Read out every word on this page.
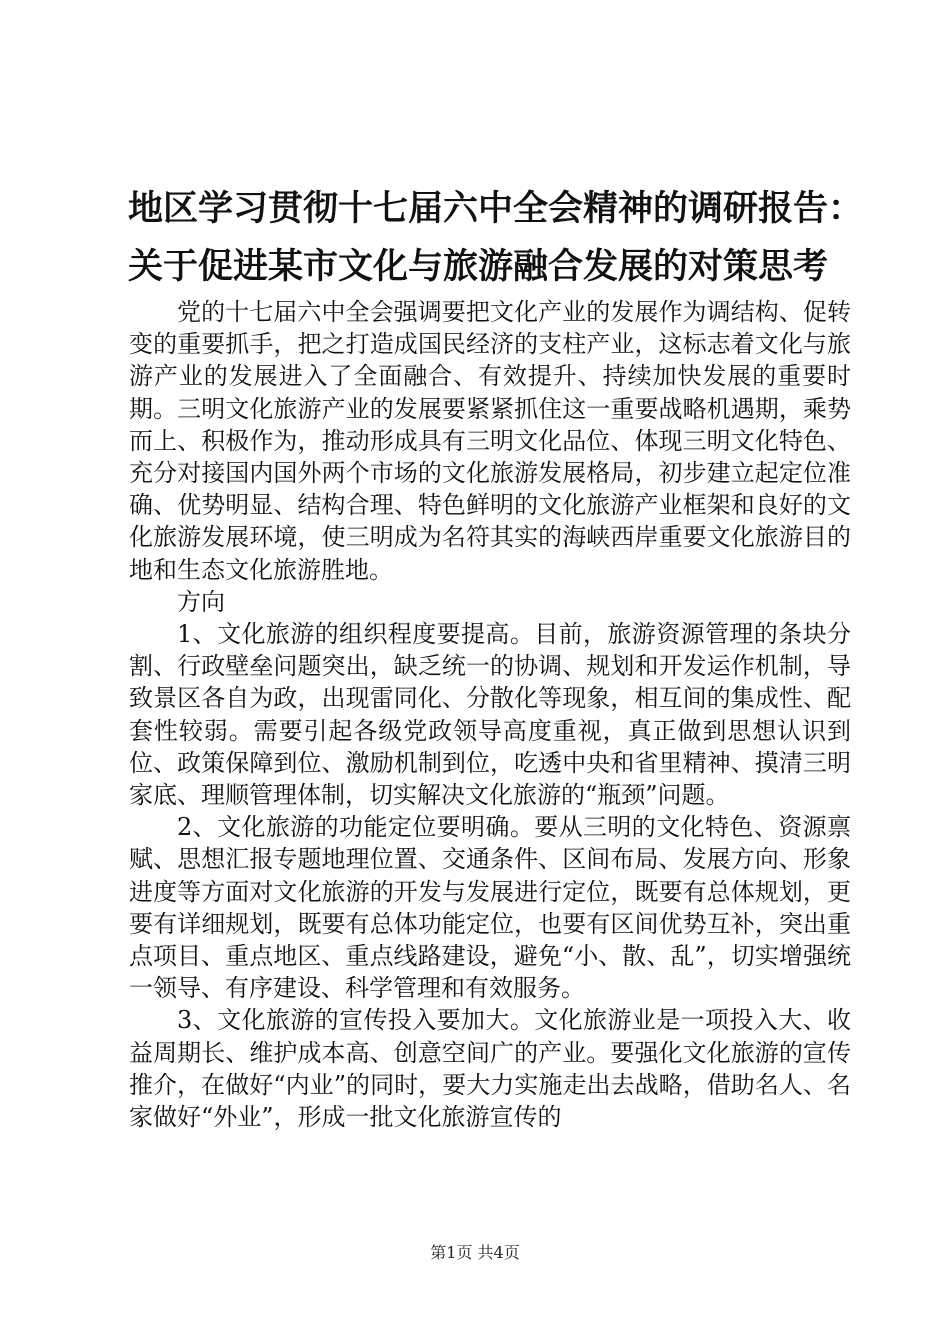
地区学习贯彻十七届六中全会精神的调研报告：
关于促进某市文化与旅游融合发展的对策思考

党的十七届六中全会强调要把文化产业的发展作为调结构、促转变的重要抓手，把之打造成国民经济的支柱产业，这标志着文化与旅游产业的发展进入了全面融合、有效提升、持续加快发展的重要时期。三明文化旅游产业的发展要紧紧抓住这一重要战略机遇期，乘势而上、积极作为，推动形成具有三明文化品位、体现三明文化特色、充分对接国内国外两个市场的文化旅游发展格局，初步建立起定位准确、优势明显、结构合理、特色鲜明的文化旅游产业框架和良好的文化旅游发展环境，使三明成为名符其实的海峡西岸重要文化旅游目的地和生态文化旅游胜地。

方向

1、文化旅游的组织程度要提高。目前，旅游资源管理的条块分割、行政壁垒问题突出，缺乏统一的协调、规划和开发运作机制，导致景区各自为政，出现雷同化、分散化等现象，相互间的集成性、配套性较弱。需要引起各级党政领导高度重视，真正做到思想认识到位、政策保障到位、激励机制到位，吃透中央和省里精神、摸清三明家底、理顺管理体制，切实解决文化旅游的“瓶颈”问题。

2、文化旅游的功能定位要明确。要从三明的文化特色、资源禀赋、思想汇报专题地理位置、交通条件、区间布局、发展方向、形象进度等方面对文化旅游的开发与发展进行定位，既要有总体规划，更要有详细规划，既要有总体功能定位，也要有区间优势互补，突出重点项目、重点地区、重点线路建设，避免“小、散、乱”，切实增强统一领导、有序建设、科学管理和有效服务。

3、文化旅游的宣传投入要加大。文化旅游业是一项投入大、收益周期长、维护成本高、创意空间广的产业。要强化文化旅游的宣传推介，在做好“内业”的同时，要大力实施走出去战略，借助名人、名家做好“外业”，形成一批文化旅游宣传的

第1页 共4页
